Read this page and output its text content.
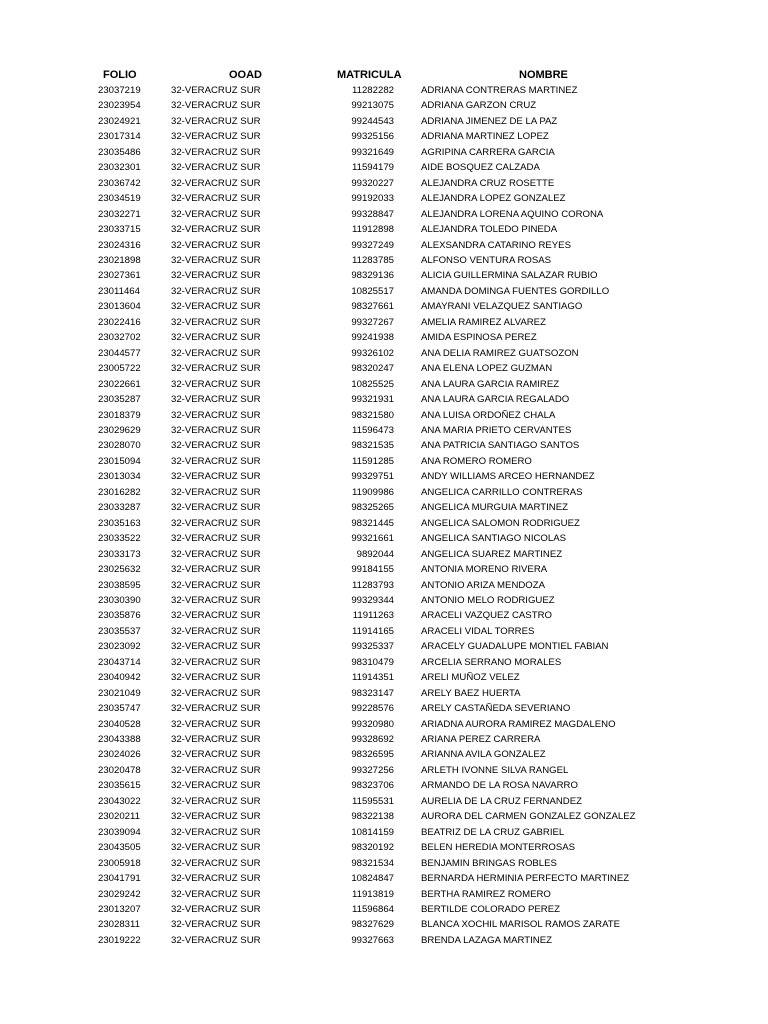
FOLIO	OOAD	MATRICULA	NOMBRE
23037219	32-VERACRUZ SUR	11282282	ADRIANA CONTRERAS MARTINEZ
23023954	32-VERACRUZ SUR	99213075	ADRIANA GARZON CRUZ
23024921	32-VERACRUZ SUR	99244543	ADRIANA JIMENEZ DE LA PAZ
23017314	32-VERACRUZ SUR	99325156	ADRIANA MARTINEZ LOPEZ
23035486	32-VERACRUZ SUR	99321649	AGRIPINA CARRERA GARCIA
23032301	32-VERACRUZ SUR	11594179	AIDE BOSQUEZ CALZADA
23036742	32-VERACRUZ SUR	99320227	ALEJANDRA CRUZ ROSETTE
23034519	32-VERACRUZ SUR	99192033	ALEJANDRA LOPEZ GONZALEZ
23032271	32-VERACRUZ SUR	99328847	ALEJANDRA LORENA AQUINO CORONA
23033715	32-VERACRUZ SUR	11912898	ALEJANDRA TOLEDO PINEDA
23024316	32-VERACRUZ SUR	99327249	ALEXSANDRA CATARINO REYES
23021898	32-VERACRUZ SUR	11283785	ALFONSO VENTURA ROSAS
23027361	32-VERACRUZ SUR	98329136	ALICIA GUILLERMINA SALAZAR RUBIO
23011464	32-VERACRUZ SUR	10825517	AMANDA DOMINGA FUENTES GORDILLO
23013604	32-VERACRUZ SUR	98327661	AMAYRANI VELAZQUEZ SANTIAGO
23022416	32-VERACRUZ SUR	99327267	AMELIA RAMIREZ ALVAREZ
23032702	32-VERACRUZ SUR	99241938	AMIDA ESPINOSA PEREZ
23044577	32-VERACRUZ SUR	99326102	ANA DELIA RAMIREZ GUATSOZON
23005722	32-VERACRUZ SUR	98320247	ANA ELENA LOPEZ GUZMAN
23022661	32-VERACRUZ SUR	10825525	ANA LAURA GARCIA RAMIREZ
23035287	32-VERACRUZ SUR	99321931	ANA LAURA GARCIA REGALADO
23018379	32-VERACRUZ SUR	98321580	ANA LUISA ORDOÑEZ CHALA
23029629	32-VERACRUZ SUR	11596473	ANA MARIA PRIETO CERVANTES
23028070	32-VERACRUZ SUR	98321535	ANA PATRICIA SANTIAGO SANTOS
23015094	32-VERACRUZ SUR	11591285	ANA ROMERO ROMERO
23013034	32-VERACRUZ SUR	99329751	ANDY WILLIAMS ARCEO HERNANDEZ
23016282	32-VERACRUZ SUR	11909986	ANGELICA CARRILLO CONTRERAS
23033287	32-VERACRUZ SUR	98325265	ANGELICA MURGUIA MARTINEZ
23035163	32-VERACRUZ SUR	98321445	ANGELICA SALOMON RODRIGUEZ
23033522	32-VERACRUZ SUR	99321661	ANGELICA SANTIAGO NICOLAS
23033173	32-VERACRUZ SUR	9892044	ANGELICA SUAREZ MARTINEZ
23025632	32-VERACRUZ SUR	99184155	ANTONIA MORENO RIVERA
23038595	32-VERACRUZ SUR	11283793	ANTONIO ARIZA MENDOZA
23030390	32-VERACRUZ SUR	99329344	ANTONIO MELO RODRIGUEZ
23035876	32-VERACRUZ SUR	11911263	ARACELI VAZQUEZ CASTRO
23035537	32-VERACRUZ SUR	11914165	ARACELI VIDAL TORRES
23023092	32-VERACRUZ SUR	99325337	ARACELY GUADALUPE MONTIEL FABIAN
23043714	32-VERACRUZ SUR	98310479	ARCELIA SERRANO MORALES
23040942	32-VERACRUZ SUR	11914351	ARELI MUÑOZ VELEZ
23021049	32-VERACRUZ SUR	98323147	ARELY BAEZ HUERTA
23035747	32-VERACRUZ SUR	99228576	ARELY CASTAÑEDA SEVERIANO
23040528	32-VERACRUZ SUR	99320980	ARIADNA AURORA RAMIREZ MAGDALENO
23043388	32-VERACRUZ SUR	99328692	ARIANA PEREZ CARRERA
23024026	32-VERACRUZ SUR	98326595	ARIANNA AVILA GONZALEZ
23020478	32-VERACRUZ SUR	99327256	ARLETH IVONNE SILVA RANGEL
23035615	32-VERACRUZ SUR	98323706	ARMANDO DE LA ROSA NAVARRO
23043022	32-VERACRUZ SUR	11595531	AURELIA DE LA CRUZ FERNANDEZ
23020211	32-VERACRUZ SUR	98322138	AURORA DEL CARMEN GONZALEZ GONZALEZ
23039094	32-VERACRUZ SUR	10814159	BEATRIZ DE LA CRUZ GABRIEL
23043505	32-VERACRUZ SUR	98320192	BELEN HEREDIA MONTERROSAS
23005918	32-VERACRUZ SUR	98321534	BENJAMIN BRINGAS ROBLES
23041791	32-VERACRUZ SUR	10824847	BERNARDA HERMINIA PERFECTO MARTINEZ
23029242	32-VERACRUZ SUR	11913819	BERTHA RAMIREZ ROMERO
23013207	32-VERACRUZ SUR	11596864	BERTILDE COLORADO PEREZ
23028311	32-VERACRUZ SUR	98327629	BLANCA XOCHIL MARISOL RAMOS ZARATE
23019222	32-VERACRUZ SUR	99327663	BRENDA LAZAGA MARTINEZ
